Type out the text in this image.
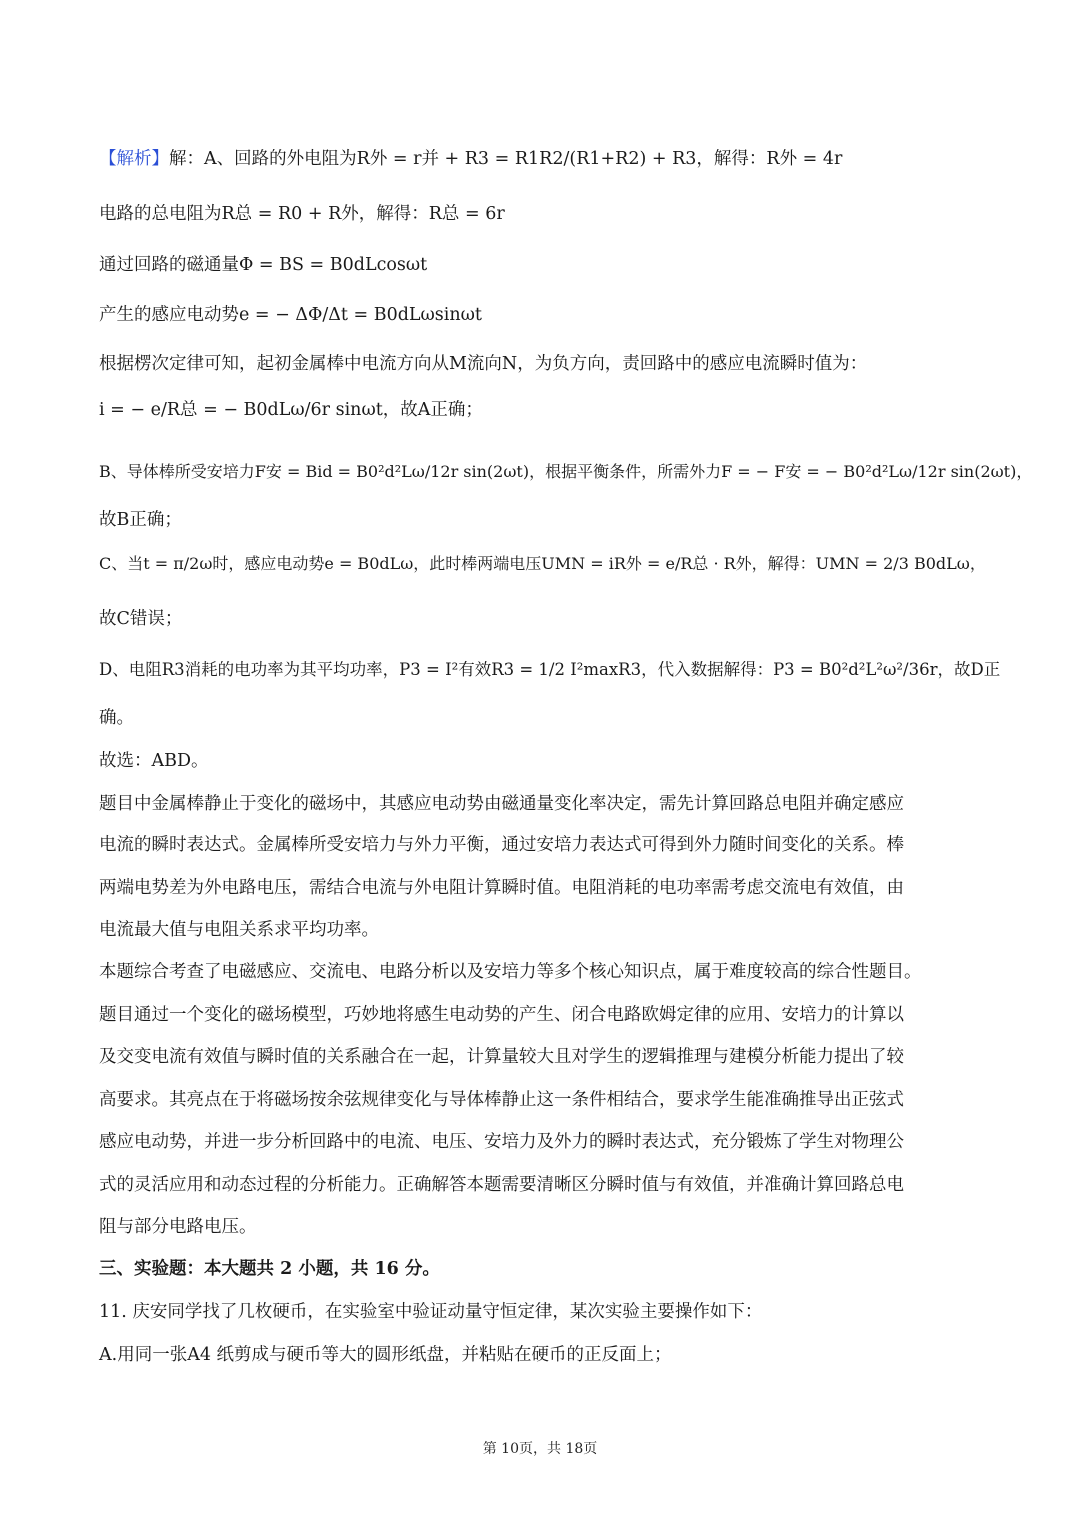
【解析】解：A、回路的外电阻为R外 = r并 + R3 = R1R2/(R1+R2) + R3，解得：R外 = 4r
电路的总电阻为R总 = R0 + R外，解得：R总 = 6r
通过回路的磁通量Φ = BS = B0dLcosωt
产生的感应电动势e = − ΔΦ/Δt = B0dLωsinωt
根据楞次定律可知，起初金属棒中电流方向从M流向N，为负方向，责回路中的感应电流瞬时值为：
i = − e/R总 = − B0dLω/6r sinωt，故A正确；
B、导体棒所受安培力F安 = Bid = B0²d²Lω/12r sin(2ωt)，根据平衡条件，所需外力F = − F安 = − B0²d²Lω/12r sin(2ωt)，
故B正确；
C、当t = π/2ω时，感应电动势e = B0dLω，此时棒两端电压UMN = iR外 = e/R总 · R外，解得：UMN = 2/3 B0dLω，
故C错误；
D、电阻R3消耗的电功率为其平均功率，P3 = I²有效R3 = 1/2 I²maxR3，代入数据解得：P3 = B0²d²L²ω²/36r，故D正
确。
故选：ABD。
题目中金属棒静止于变化的磁场中，其感应电动势由磁通量变化率决定，需先计算回路总电阻并确定感应
电流的瞬时表达式。金属棒所受安培力与外力平衡，通过安培力表达式可得到外力随时间变化的关系。棒
两端电势差为外电路电压，需结合电流与外电阻计算瞬时值。电阻消耗的电功率需考虑交流电有效值，由
电流最大值与电阻关系求平均功率。
本题综合考查了电磁感应、交流电、电路分析以及安培力等多个核心知识点，属于难度较高的综合性题目。
题目通过一个变化的磁场模型，巧妙地将感生电动势的产生、闭合电路欧姆定律的应用、安培力的计算以
及交变电流有效值与瞬时值的关系融合在一起，计算量较大且对学生的逻辑推理与建模分析能力提出了较
高要求。其亮点在于将磁场按余弦规律变化与导体棒静止这一条件相结合，要求学生能准确推导出正弦式
感应电动势，并进一步分析回路中的电流、电压、安培力及外力的瞬时表达式，充分锻炼了学生对物理公
式的灵活应用和动态过程的分析能力。正确解答本题需要清晰区分瞬时值与有效值，并准确计算回路总电
阻与部分电路电压。
三、实验题：本大题共 2 小题，共 16 分。
11. 庆安同学找了几枚硬币，在实验室中验证动量守恒定律，某次实验主要操作如下：
A.用同一张A4 纸剪成与硬币等大的圆形纸盘，并粘贴在硬币的正反面上；
第 10页，共 18页
